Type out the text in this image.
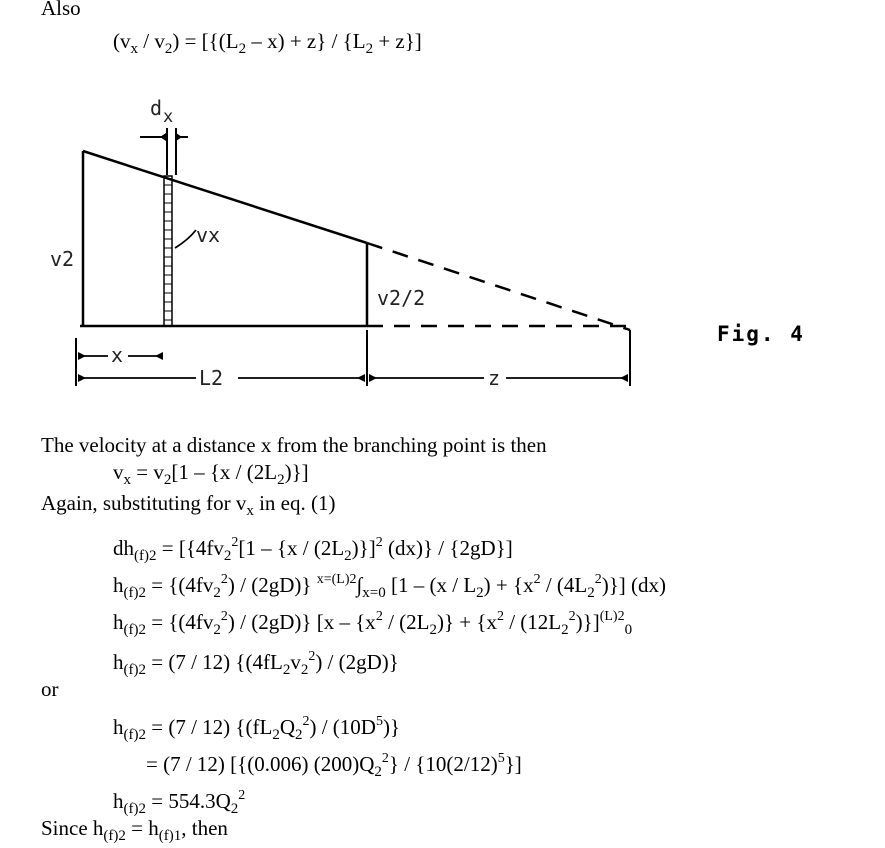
Also
$(v_x / v_2) = [\{(L_2 - x) + z\} / \{L_2 + z\}]$
d x
vx
v2
v2/2
x
L2	z
Fig. 4
The velocity at a distance x from the branching point is then
$v_x = v_2[1 - \{x / (2L_2)\}]$
Again, substituting for $v_x$ in eq. (1)
$dh_{(f)2} = [\{4fv_2^2[1 - \{x / (2L_2)\}]^2$ (dx)} / {2gD}]
$h_{(f)2} = \{(4fv_2^2) / (2gD)\}$ $^{x=(L)2}\int_{x=0}$ $[1 - (x / L_2) + \{x^2 / (4L_2^2)\}]$ (dx)
$h_{(f)2} = \{(4fv_2^2) / (2gD)\}$ $[x - \{x^2 / (2L_2)\} + \{x^2 / (12L_2^2)\}]^{(L)2}_0$
$h_{(f)2} = (7 / 12)$ $\{(4fL_2v_2^2) / (2gD)\}$
or
$h_{(f)2} = (7 / 12)$ $\{(fL_2Q_2^2) / (10D^5)\}$
= (7 / 12) [{(0.006) $(200)Q_2^2\} / \{10(2/12)^5\}$]
$h_{(f)2} = 554.3Q_2^2$
Since $h_{(f)2} = h_{(f)1}$, then
